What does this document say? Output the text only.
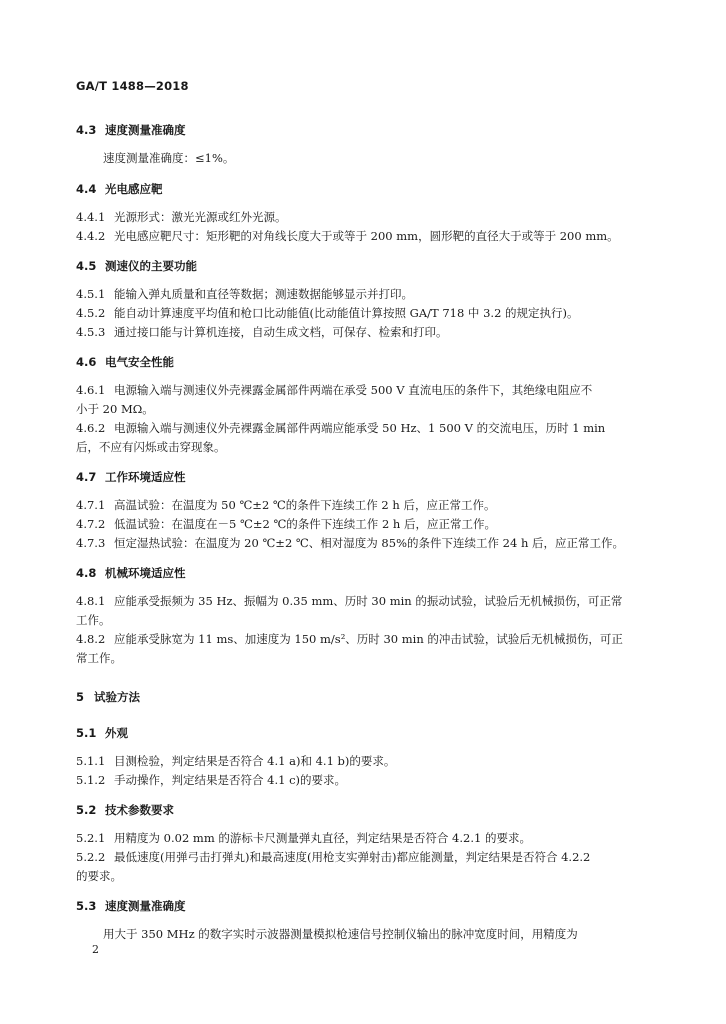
GA/T 1488—2018
4.3 速度测量准确度
速度测量准确度：≤1%。
4.4 光电感应靶
4.4.1 光源形式：激光光源或红外光源。
4.4.2 光电感应靶尺寸：矩形靶的对角线长度大于或等于 200 mm，圆形靶的直径大于或等于 200 mm。
4.5 测速仪的主要功能
4.5.1 能输入弹丸质量和直径等数据；测速数据能够显示并打印。
4.5.2 能自动计算速度平均值和枪口比动能值(比动能值计算按照 GA/T 718 中 3.2 的规定执行)。
4.5.3 通过接口能与计算机连接，自动生成文档，可保存、检索和打印。
4.6 电气安全性能
4.6.1 电源输入端与测速仪外壳裸露金属部件两端在承受 500 V 直流电压的条件下，其绝缘电阻应不
小于 20 MΩ。
4.6.2 电源输入端与测速仪外壳裸露金属部件两端应能承受 50 Hz、1 500 V 的交流电压，历时 1 min
后，不应有闪烁或击穿现象。
4.7 工作环境适应性
4.7.1 高温试验：在温度为 50 ℃±2 ℃的条件下连续工作 2 h 后，应正常工作。
4.7.2 低温试验：在温度在－5 ℃±2 ℃的条件下连续工作 2 h 后，应正常工作。
4.7.3 恒定湿热试验：在温度为 20 ℃±2 ℃、相对湿度为 85%的条件下连续工作 24 h 后，应正常工作。
4.8 机械环境适应性
4.8.1 应能承受振频为 35 Hz、振幅为 0.35 mm、历时 30 min 的振动试验，试验后无机械损伤，可正常
工作。
4.8.2 应能承受脉宽为 11 ms、加速度为 150 m/s²、历时 30 min 的冲击试验，试验后无机械损伤，可正
常工作。
5 试验方法
5.1 外观
5.1.1 目测检验，判定结果是否符合 4.1 a)和 4.1 b)的要求。
5.1.2 手动操作，判定结果是否符合 4.1 c)的要求。
5.2 技术参数要求
5.2.1 用精度为 0.02 mm 的游标卡尺测量弹丸直径，判定结果是否符合 4.2.1 的要求。
5.2.2 最低速度(用弹弓击打弹丸)和最高速度(用枪支实弹射击)都应能测量，判定结果是否符合 4.2.2
的要求。
5.3 速度测量准确度
用大于 350 MHz 的数字实时示波器测量模拟枪速信号控制仪输出的脉冲宽度时间，用精度为
2
